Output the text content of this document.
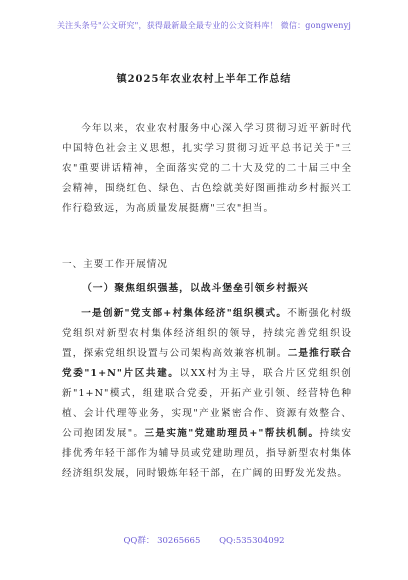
关注头条号"公文研究"，获得最新最全最专业的公文资料库！ 微信：gongwenyj
镇2025年农业农村上半年工作总结
今年以来，农业农村服务中心深入学习贯彻习近平新时代中国特色社会主义思想，扎实学习贯彻习近平总书记关于"三农"重要讲话精神，全面落实党的二十大及党的二十届三中全会精神，围绕红色、绿色、古色绘就美好图画推动乡村振兴工作行稳致远，为高质量发展挺膺"三农"担当。
一、主要工作开展情况
（一）聚焦组织强基，以战斗堡垒引领乡村振兴
一是创新"党支部+村集体经济"组织模式。不断强化村级党组织对新型农村集体经济组织的领导，持续完善党组织设置，探索党组织设置与公司架构高效兼容机制。二是推行联合党委"1+N"片区共建。以XX村为主导，联合片区党组织创新"1+N"模式，组建联合党委，开拓产业引领、经营特色种植、会计代理等业务，实现"产业紧密合作、资源有效整合、公司抱团发展"。三是实施"党建助理员+"帮扶机制。持续安排优秀年轻干部作为辅导员或党建助理员，指导新型农村集体经济组织发展，同时锻炼年轻干部，在广阔的田野发光发热。
QQ群： 30265665 QQ:535304092
